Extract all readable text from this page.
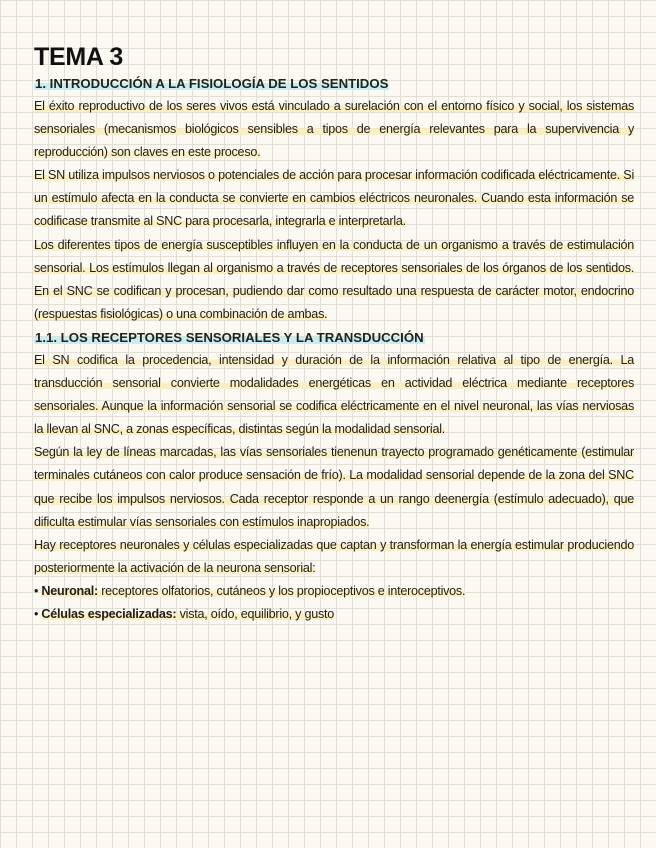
TEMA 3
1. INTRODUCCIÓN A LA FISIOLOGÍA DE LOS SENTIDOS

El éxito reproductivo de los seres vivos está vinculado a surelación con el entorno físico y social, los sistemas sensoriales (mecanismos biológicos sensibles a tipos de energía relevantes para la supervivencia y reproducción) son claves en este proceso.

El SN utiliza impulsos nerviosos o potenciales de acción para procesar información codificada eléctricamente. Si un estímulo afecta en la conducta se convierte en cambios eléctricos neuronales. Cuando esta información se codificase transmite al SNC para procesarla, integrarla e interpretarla.

Los diferentes tipos de energía susceptibles influyen en la conducta de un organismo a través de estimulación sensorial. Los estímulos llegan al organismo a través de receptores sensoriales de los órganos de los sentidos. En el SNC se codifican y procesan, pudiendo dar como resultado una respuesta de carácter motor, endocrino (respuestas fisiológicas) o una combinación de ambas.

1.1. LOS RECEPTORES SENSORIALES Y LA TRANSDUCCIÓN

El SN codifica la procedencia, intensidad y duración de la información relativa al tipo de energía. La transducción sensorial convierte modalidades energéticas en actividad eléctrica mediante receptores sensoriales. Aunque la información sensorial se codifica eléctricamente en el nivel neuronal, las vías nerviosas la llevan al SNC, a zonas específicas, distintas según la modalidad sensorial.

Según la ley de líneas marcadas, las vías sensoriales tienenun trayecto programado genéticamente (estimular terminales cutáneos con calor produce sensación de frío). La modalidad sensorial depende de la zona del SNC que recibe los impulsos nerviosos. Cada receptor responde a un rango deenergía (estímulo adecuado), que dificulta estimular vías sensoriales con estímulos inapropiados.

Hay receptores neuronales y células especializadas que captan y transforman la energía estimular produciendo posteriormente la activación de la neurona sensorial:

• Neuronal: receptores olfatorios, cutáneos y los propioceptivos e interoceptivos.

• Células especializadas: vista, oído, equilibrio, y gusto
